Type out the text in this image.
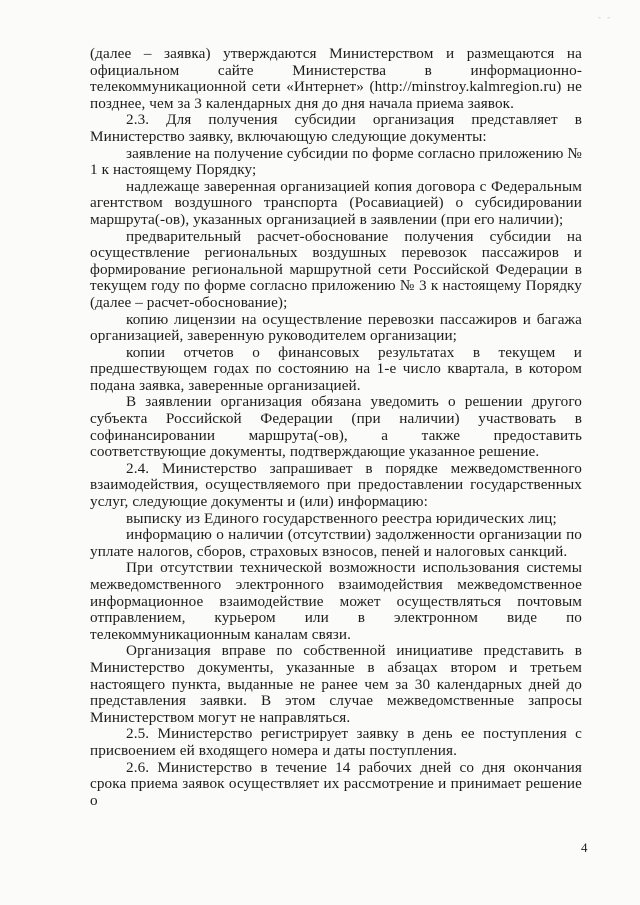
- -

(далее – заявка) утверждаются Министерством и размещаются на официальном сайте Министерства в информационно-телекоммуникационной сети «Интернет» (http://minstroy.kalmregion.ru) не позднее, чем за 3 календарных дня до дня начала приема заявок.

2.3. Для получения субсидии организация представляет в Министерство заявку, включающую следующие документы:

заявление на получение субсидии по форме согласно приложению № 1 к настоящему Порядку;

надлежаще заверенная организацией копия договора с Федеральным агентством воздушного транспорта (Росавиацией) о субсидировании маршрута(-ов), указанных организацией в заявлении (при его наличии);

предварительный расчет-обоснование получения субсидии на осуществление региональных воздушных перевозок пассажиров и формирование региональной маршрутной сети Российской Федерации в текущем году по форме согласно приложению № 3 к настоящему Порядку (далее – расчет-обоснование);

копию лицензии на осуществление перевозки пассажиров и багажа организацией, заверенную руководителем организации;

копии отчетов о финансовых результатах в текущем и предшествующем годах по состоянию на 1-е число квартала, в котором подана заявка, заверенные организацией.

В заявлении организация обязана уведомить о решении другого субъекта Российской Федерации (при наличии) участвовать в софинансировании маршрута(-ов), а также предоставить соответствующие документы, подтверждающие указанное решение.

2.4. Министерство запрашивает в порядке межведомственного взаимодействия, осуществляемого при предоставлении государственных услуг, следующие документы и (или) информацию:

выписку из Единого государственного реестра юридических лиц;

информацию о наличии (отсутствии) задолженности организации по уплате налогов, сборов, страховых взносов, пеней и налоговых санкций.

При отсутствии технической возможности использования системы межведомственного электронного взаимодействия межведомственное информационное взаимодействие может осуществляться почтовым отправлением, курьером или в электронном виде по телекоммуникационным каналам связи.

Организация вправе по собственной инициативе представить в Министерство документы, указанные в абзацах втором и третьем настоящего пункта, выданные не ранее чем за 30 календарных дней до представления заявки. В этом случае межведомственные запросы Министерством могут не направляться.

2.5. Министерство регистрирует заявку в день ее поступления с присвоением ей входящего номера и даты поступления.

2.6. Министерство в течение 14 рабочих дней со дня окончания срока приема заявок осуществляет их рассмотрение и принимает решение о

4
